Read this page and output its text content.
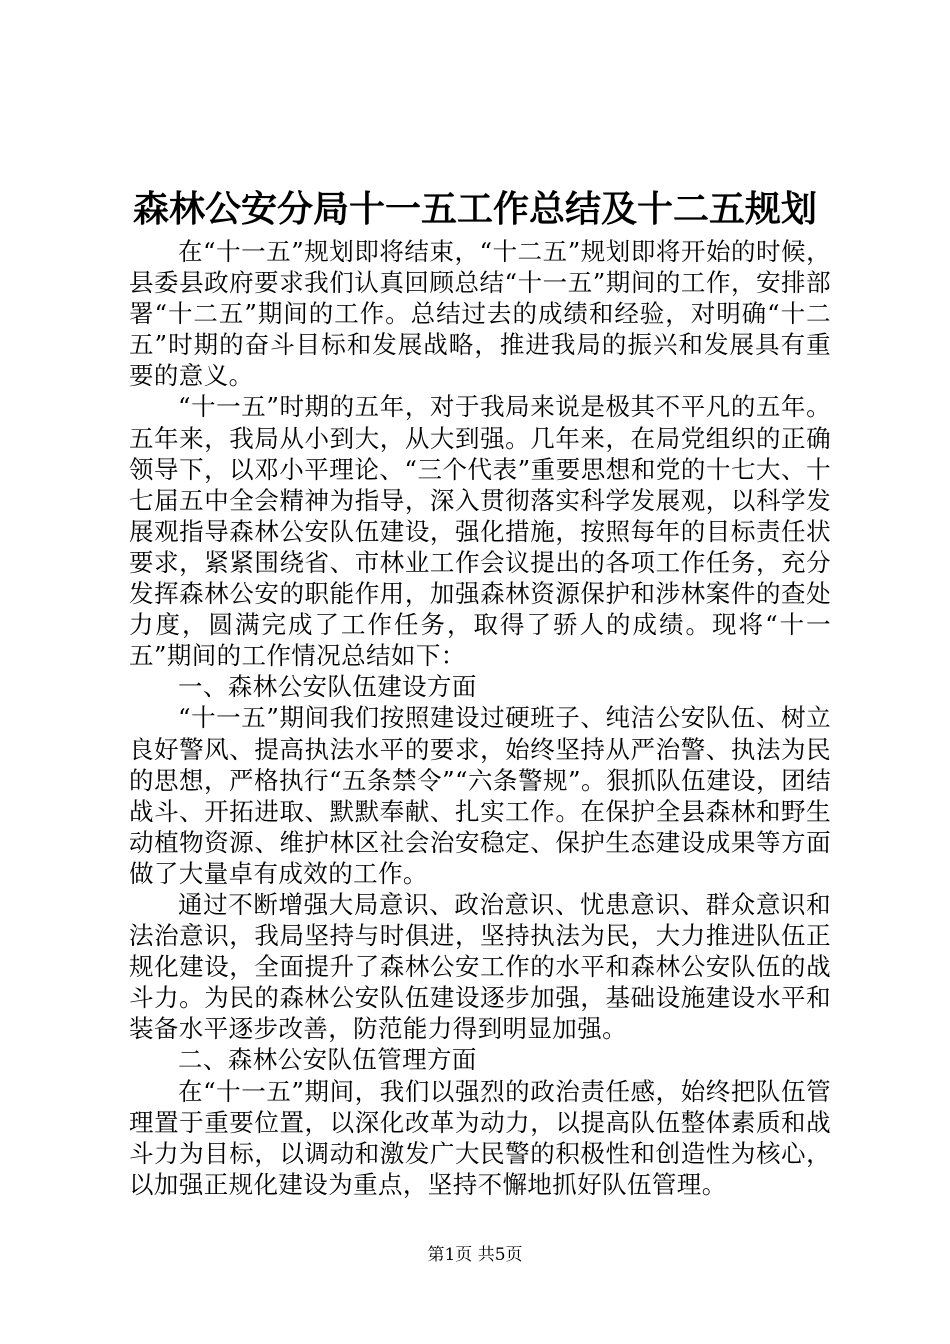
森林公安分局十一五工作总结及十二五规划

在“十一五”规划即将结束，“十二五”规划即将开始的时候，县委县政府要求我们认真回顾总结“十一五”期间的工作，安排部署“十二五”期间的工作。总结过去的成绩和经验，对明确“十二五”时期的奋斗目标和发展战略，推进我局的振兴和发展具有重要的意义。

“十一五”时期的五年，对于我局来说是极其不平凡的五年。五年来，我局从小到大，从大到强。几年来，在局党组织的正确领导下，以邓小平理论、“三个代表”重要思想和党的十七大、十七届五中全会精神为指导，深入贯彻落实科学发展观，以科学发展观指导森林公安队伍建设，强化措施，按照每年的目标责任状要求，紧紧围绕省、市林业工作会议提出的各项工作任务，充分发挥森林公安的职能作用，加强森林资源保护和涉林案件的查处力度，圆满完成了工作任务，取得了骄人的成绩。现将“十一五”期间的工作情况总结如下：

一、森林公安队伍建设方面

“十一五”期间我们按照建设过硬班子、纯洁公安队伍、树立良好警风、提高执法水平的要求，始终坚持从严治警、执法为民的思想，严格执行“五条禁令”“六条警规”。狠抓队伍建设，团结战斗、开拓进取、默默奉献、扎实工作。在保护全县森林和野生动植物资源、维护林区社会治安稳定、保护生态建设成果等方面做了大量卓有成效的工作。

通过不断增强大局意识、政治意识、忧患意识、群众意识和法治意识，我局坚持与时俱进，坚持执法为民，大力推进队伍正规化建设，全面提升了森林公安工作的水平和森林公安队伍的战斗力。为民的森林公安队伍建设逐步加强，基础设施建设水平和装备水平逐步改善，防范能力得到明显加强。

二、森林公安队伍管理方面

在“十一五”期间，我们以强烈的政治责任感，始终把队伍管理置于重要位置，以深化改革为动力，以提高队伍整体素质和战斗力为目标，以调动和激发广大民警的积极性和创造性为核心，以加强正规化建设为重点，坚持不懈地抓好队伍管理。

第1页 共5页
